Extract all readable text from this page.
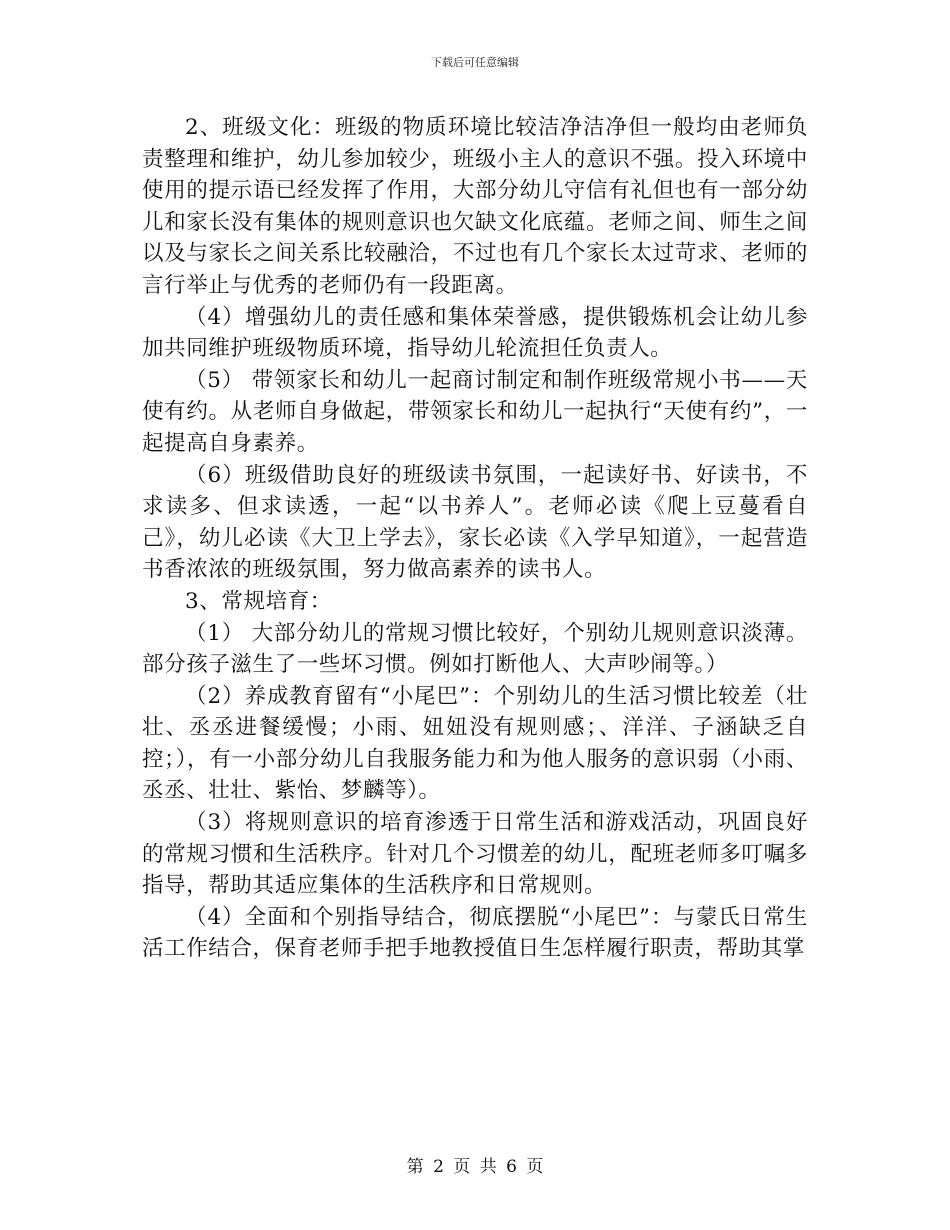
下载后可任意编辑

2、班级文化：班级的物质环境比较洁净洁净但一般均由老师负责整理和维护，幼儿参加较少，班级小主人的意识不强。投入环境中使用的提示语已经发挥了作用，大部分幼儿守信有礼但也有一部分幼儿和家长没有集体的规则意识也欠缺文化底蕴。老师之间、师生之间以及与家长之间关系比较融洽，不过也有几个家长太过苛求、老师的言行举止与优秀的老师仍有一段距离。

（4）增强幼儿的责任感和集体荣誉感，提供锻炼机会让幼儿参加共同维护班级物质环境，指导幼儿轮流担任负责人。

（5） 带领家长和幼儿一起商讨制定和制作班级常规小书——天使有约。从老师自身做起，带领家长和幼儿一起执行“天使有约”，一起提高自身素养。

（6）班级借助良好的班级读书氛围，一起读好书、好读书，不求读多、但求读透，一起“以书养人”。老师必读《爬上豆蔓看自己》，幼儿必读《大卫上学去》，家长必读《入学早知道》，一起营造书香浓浓的班级氛围，努力做高素养的读书人。

3、常规培育：

（1） 大部分幼儿的常规习惯比较好，个别幼儿规则意识淡薄。部分孩子滋生了一些坏习惯。例如打断他人、大声吵闹等。）

（2）养成教育留有“小尾巴”：个别幼儿的生活习惯比较差（壮壮、丞丞进餐缓慢；小雨、妞妞没有规则感；、洋洋、子涵缺乏自控；），有一小部分幼儿自我服务能力和为他人服务的意识弱（小雨、丞丞、壮壮、紫怡、梦麟等）。

（3）将规则意识的培育渗透于日常生活和游戏活动，巩固良好的常规习惯和生活秩序。针对几个习惯差的幼儿，配班老师多叮嘱多指导，帮助其适应集体的生活秩序和日常规则。

（4）全面和个别指导结合，彻底摆脱“小尾巴”：与蒙氏日常生活工作结合，保育老师手把手地教授值日生怎样履行职责，帮助其掌

第 2 页 共 6 页
